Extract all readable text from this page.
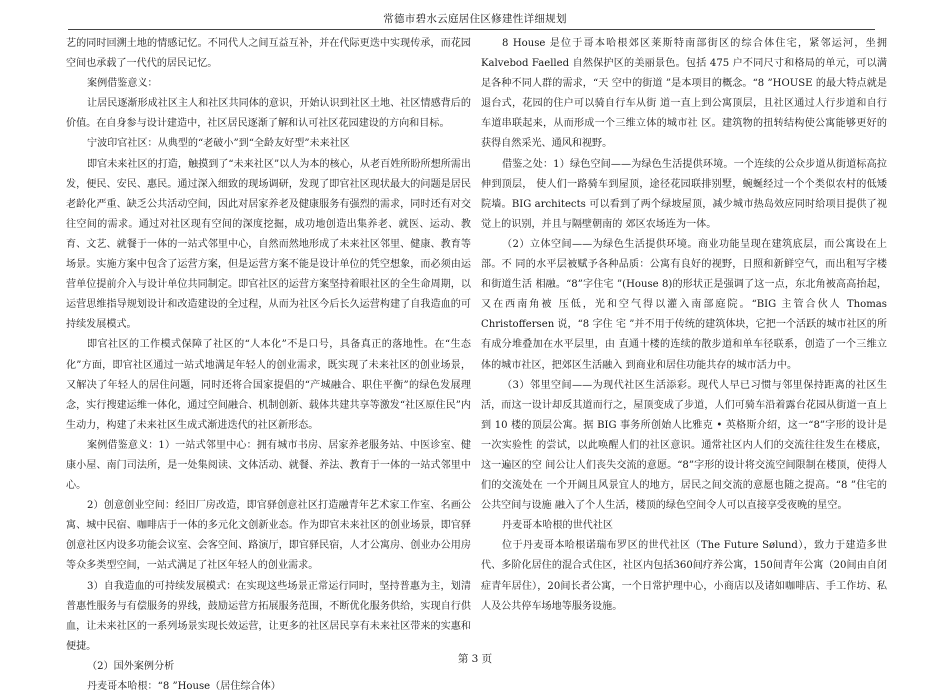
常德市碧水云庭居住区修建性详细规划

艺的同时回溯土地的情感记忆。不同代人之间互益互补，并在代际更迭中实现传承，而花园空间也承载了一代代的居民记忆。

案例借鉴意义：

让居民逐渐形成社区主人和社区共同体的意识，开始认识到社区土地、社区情感背后的价值。在自身参与设计建造中，社区居民逐渐了解和认可社区花园建设的方向和目标。

宁波印官社区：从典型的“老破小”到“全龄友好型”未来社区

即官未来社区的打造，触摸到了“未来社区”以人为本的核心，从老百姓所盼所想所需出发，便民、安民、惠民。通过深入细致的现场调研，发现了即官社区现状最大的问题是居民老龄化严重、缺乏公共活动空间，因此对居家养老及健康服务有强烈的需求，同时还有对交往空间的需求。通过对社区现有空间的深度挖掘，成功地创造出集养老、就医、运动、教育、文艺、就餐于一体的一站式邻里中心，自然而然地形成了未来社区邻里、健康、教育等场景。实施方案中包含了运营方案，但是运营方案不能是设计单位的凭空想象，而必须由运营单位提前介入与设计单位共同制定。即官社区的运营方案坚持着眼社区的全生命周期，以运营思维指导规划设计和改造建设的全过程，从而为社区今后长久运营构建了自我造血的可持续发展模式。

即官社区的工作模式保障了社区的“人本化”不是口号，具备真正的落地性。在“生态化”方面，即官社区通过一站式地满足年轻人的创业需求，既实现了未来社区的创业场景，又解决了年轻人的居住问题，同时还将合国家提倡的“产城融合、职住平衡”的绿色发展理念，实行搜建运维一体化，通过空间融合、机制创新、载体共建共享等激发“社区原住民”内生动力，构建了未来社区生成式渐进迭代的社区新形态。

案例借鉴意义：1）一站式邻里中心：拥有城市书房、居家养老服务站、中医诊室、健康小屋、南门司法所，是一处集阅读、文体活动、就餐、养法、教育于一体的一站式邻里中心。

2）创意创业空间：经旧厂房改造，即官驿创意社区打造融青年艺术家工作室、名画公寓、城中民宿、咖啡店于一体的多元化文创新业态。作为即官未来社区的创业场景，即官驿创意社区内设多功能会议室、会客空间、路演厅，即官驿民宿，人才公寓房、创业办公用房等众多类型空间，一站式满足了社区年轻人的创业需求。

3）自我造血的可持续发展模式：在实现这些场景正常运行同时，坚持普惠为主，划清普惠性服务与有偿服务的界线，鼓励运营方拓展服务范围，不断优化服务供给，实现自行供血，让未来社区的一系列场景实现长效运营，让更多的社区居民享有未来社区带来的实惠和便捷。

（2）国外案例分析

丹麦哥本哈根：“8 ”House（居住综合体）

8 House 是位于哥本哈根郊区莱斯特南部街区的综合体住宅，紧邻运河，坐拥Kalvebod Faelled 自然保护区的美丽景色。包括 475 户不同尺寸和格局的单元，可以满足各种不同人群的需求，“天 空中的街道 ”是本项目的概念。“8 ”HOUSE 的最大特点就是退台式，花园的住户可以骑自行车从街 道一直上到公寓顶层，且社区通过人行步道和自行车道串联起来，从而形成一个三维立体的城市社 区。建筑物的扭转结构使公寓能够更好的获得自然采光、通风和视野。

借鉴之处：1）绿色空间——为绿色生活提供环境。一个连续的公众步道从街道标高拉伸到顶层， 使人们一路骑车到屋顶，途径花园联排别墅，蜿蜒经过一个个类似农村的低矮院墙。BIG architects 可以看到了两个绿坡屋顶，减少城市热岛效应同时给项目提供了视觉上的识别，并且与隔壁朝南的 郊区农场连为一体。

（2）立体空间——为绿色生活提供环境。商业功能呈现在建筑底层，而公寓设在上部。不 同的水平层被赋予各种品质：公寓有良好的视野，日照和新鲜空气，而出租写字楼和街道生活 相融。“8”字住宅 ”(House 8)的形状正是强调了这一点，东北角被高高抬起，又在西南角被 压低，光和空气得以灌入南部庭院。“BIG 主管合伙人 Thomas Christoffersen 说，“8 字住 宅 ”并不用于传统的建筑体块，它把一个活跃的城市社区的所有成分堆叠加在水平层里，由 直通十楼的连续的散步道和单车径联系，创造了一个三维立体的城市社区，把郊区生活融入 到商业和居住功能共存的城市活力中。

（3）邻里空间——为现代社区生活添彩。现代人早已习惯与邻里保持距离的社区生活，而这一设计却反其道而行之，屋顶变成了步道，人们可骑车沿着露台花园从街道一直上到 10 楼的顶层公寓。据 BIG 事务所创始人比雅克 • 英格斯介绍，这一“8”字形的设计是一次实验性 的尝试，以此唤醒人们的社区意识。通常社区内人们的交流往往发生在楼底，这一遍区的空 间公让人们丧失交流的意愿。“8”字形的设计将交流空间限制在楼顶，使得人们的交流处在 一个开阔且风景宜人的地方，居民之间交流的意愿也随之提高。“8 ”住宅的公共空间与设施 融入了个人生活，楼顶的绿色空间令人可以直接享受夜晚的星空。

丹麦哥本哈根的世代社区

位于丹麦哥本哈根诺瑞布罗区的世代社区（The Future Sølund），致力于建造多世代、多阶化居住的混合式住区，社区内包括360间疗养公寓，150间青年公寓（20间由自闭症青年居住），20间长者公寓，一个日常护理中心，小商店以及诸如咖啡店、手工作坊、私人及公共停车场地等服务设施。

第 3 页
